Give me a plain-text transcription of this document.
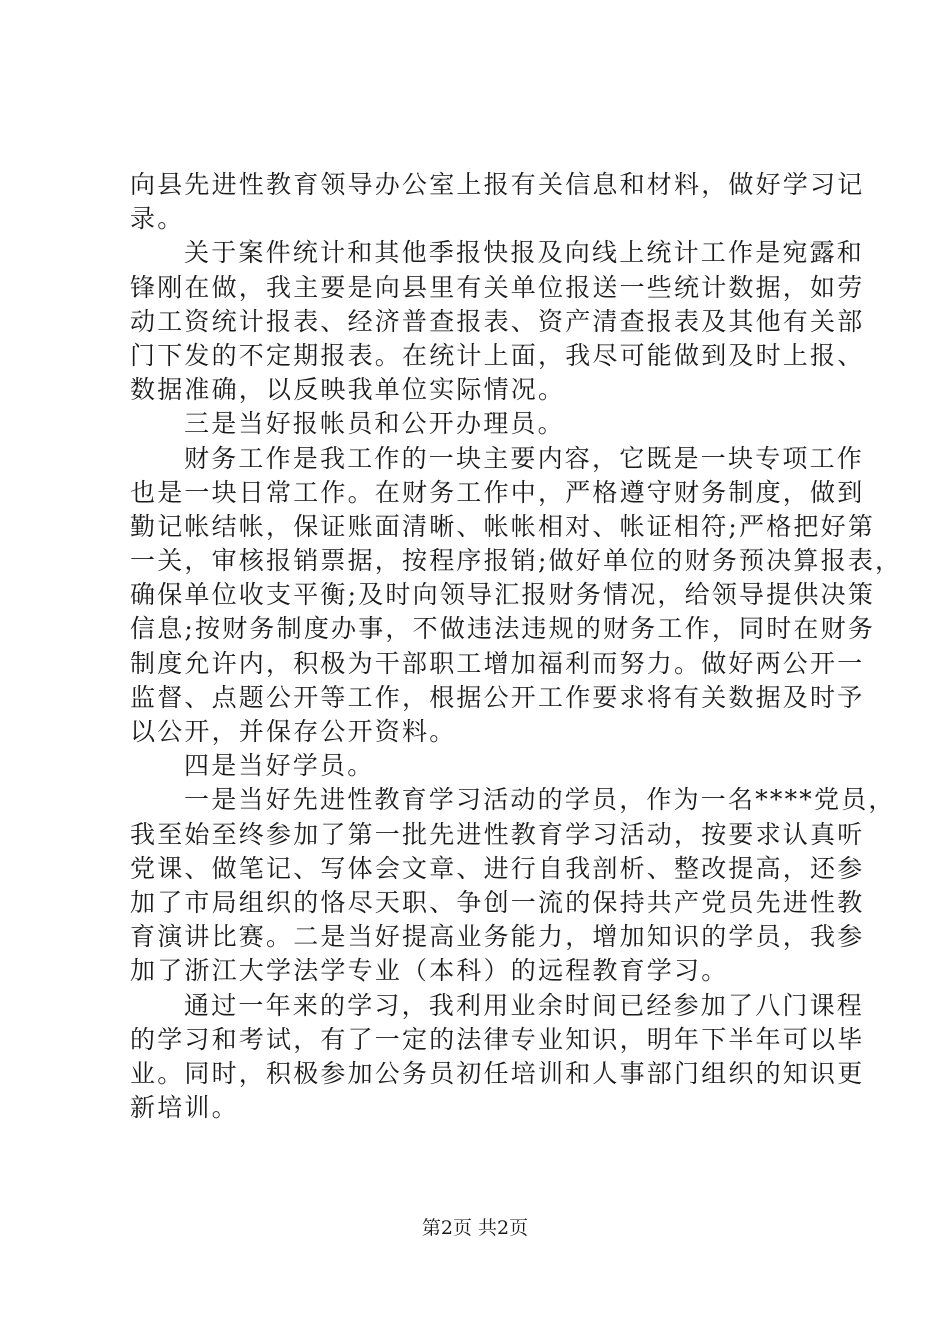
向县先进性教育领导办公室上报有关信息和材料，做好学习记
录。
关于案件统计和其他季报快报及向线上统计工作是宛露和
锋刚在做，我主要是向县里有关单位报送一些统计数据，如劳
动工资统计报表、经济普查报表、资产清查报表及其他有关部
门下发的不定期报表。在统计上面，我尽可能做到及时上报、
数据准确，以反映我单位实际情况。
三是当好报帐员和公开办理员。
财务工作是我工作的一块主要内容，它既是一块专项工作
也是一块日常工作。在财务工作中，严格遵守财务制度，做到
勤记帐结帐，保证账面清晰、帐帐相对、帐证相符;严格把好第
一关，审核报销票据，按程序报销;做好单位的财务预决算报表，
确保单位收支平衡;及时向领导汇报财务情况，给领导提供决策
信息;按财务制度办事，不做违法违规的财务工作，同时在财务
制度允许内，积极为干部职工增加福利而努力。做好两公开一
监督、点题公开等工作，根据公开工作要求将有关数据及时予
以公开，并保存公开资料。
四是当好学员。
一是当好先进性教育学习活动的学员，作为一名****党员，
我至始至终参加了第一批先进性教育学习活动，按要求认真听
党课、做笔记、写体会文章、进行自我剖析、整改提高，还参
加了市局组织的恪尽天职、争创一流的保持共产党员先进性教
育演讲比赛。二是当好提高业务能力，增加知识的学员，我参
加了浙江大学法学专业（本科）的远程教育学习。
通过一年来的学习，我利用业余时间已经参加了八门课程
的学习和考试，有了一定的法律专业知识，明年下半年可以毕
业。同时，积极参加公务员初任培训和人事部门组织的知识更
新培训。
第2页 共2页
